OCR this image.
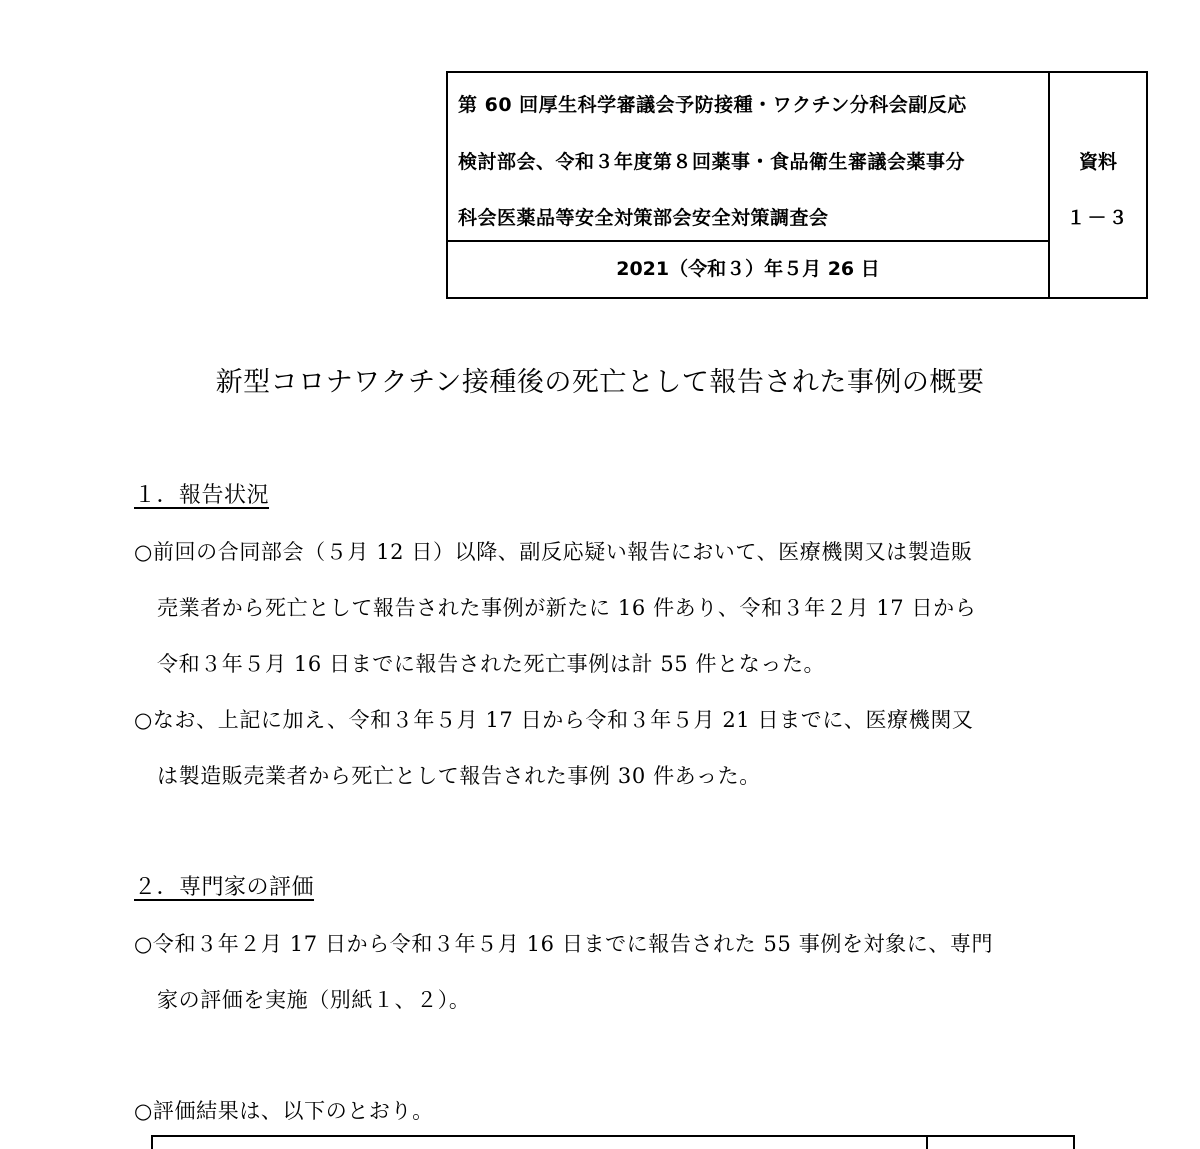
第 60 回厚生科学審議会予防接種・ワクチン分科会副反応
検討部会、令和３年度第８回薬事・食品衛生審議会薬事分
科会医薬品等安全対策部会安全対策調査会
2021（令和３）年５月 26 日
資料
１－３
新型コロナワクチン接種後の死亡として報告された事例の概要
１．報告状況
○前回の合同部会（５月 12 日）以降、副反応疑い報告において、医療機関又は製造販
売業者から死亡として報告された事例が新たに 16 件あり、令和３年２月 17 日から
令和３年５月 16 日までに報告された死亡事例は計 55 件となった。
○なお、上記に加え、令和３年５月 17 日から令和３年５月 21 日までに、医療機関又
は製造販売業者から死亡として報告された事例 30 件あった。
２．専門家の評価
○令和３年２月 17 日から令和３年５月 16 日までに報告された 55 事例を対象に、専門
家の評価を実施（別紙１、２）。
○評価結果は、以下のとおり。
